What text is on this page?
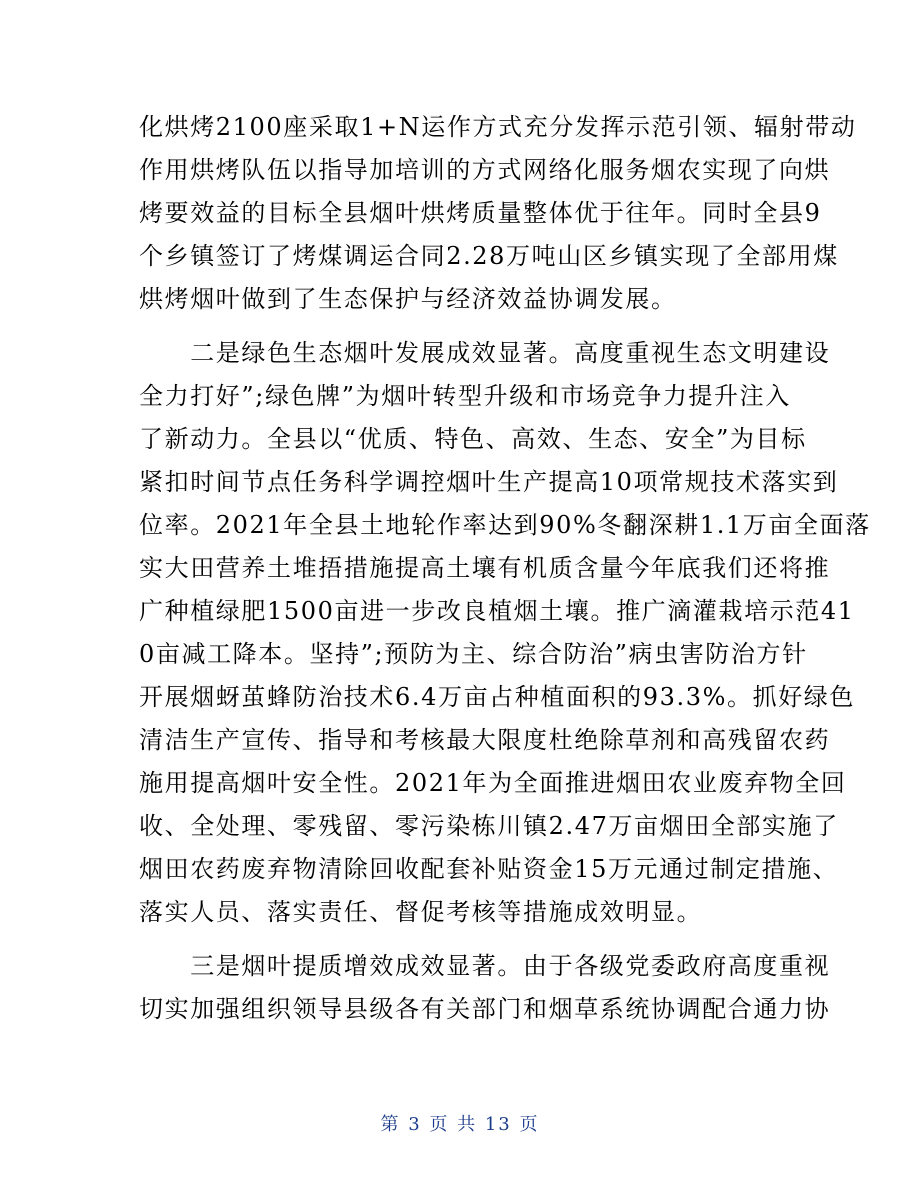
化烘烤2100座采取1+N运作方式充分发挥示范引领、辐射带动
作用烘烤队伍以指导加培训的方式网络化服务烟农实现了向烘
烤要效益的目标全县烟叶烘烤质量整体优于往年。同时全县9
个乡镇签订了烤煤调运合同2.28万吨山区乡镇实现了全部用煤
烘烤烟叶做到了生态保护与经济效益协调发展。
　　二是绿色生态烟叶发展成效显著。高度重视生态文明建设
全力打好”;绿色牌”为烟叶转型升级和市场竞争力提升注入
了新动力。全县以“优质、特色、高效、生态、安全”为目标
紧扣时间节点任务科学调控烟叶生产提高10项常规技术落实到
位率。2021年全县土地轮作率达到90%冬翻深耕1.1万亩全面落
实大田营养土堆捂措施提高土壤有机质含量今年底我们还将推
广种植绿肥1500亩进一步改良植烟土壤。推广滴灌栽培示范41
0亩减工降本。坚持”;预防为主、综合防治”病虫害防治方针
开展烟蚜茧蜂防治技术6.4万亩占种植面积的93.3%。抓好绿色
清洁生产宣传、指导和考核最大限度杜绝除草剂和高残留农药
施用提高烟叶安全性。2021年为全面推进烟田农业废弃物全回
收、全处理、零残留、零污染栋川镇2.47万亩烟田全部实施了
烟田农药废弃物清除回收配套补贴资金15万元通过制定措施、
落实人员、落实责任、督促考核等措施成效明显。
　　三是烟叶提质增效成效显著。由于各级党委政府高度重视
切实加强组织领导县级各有关部门和烟草系统协调配合通力协
第 3 页 共 13 页
